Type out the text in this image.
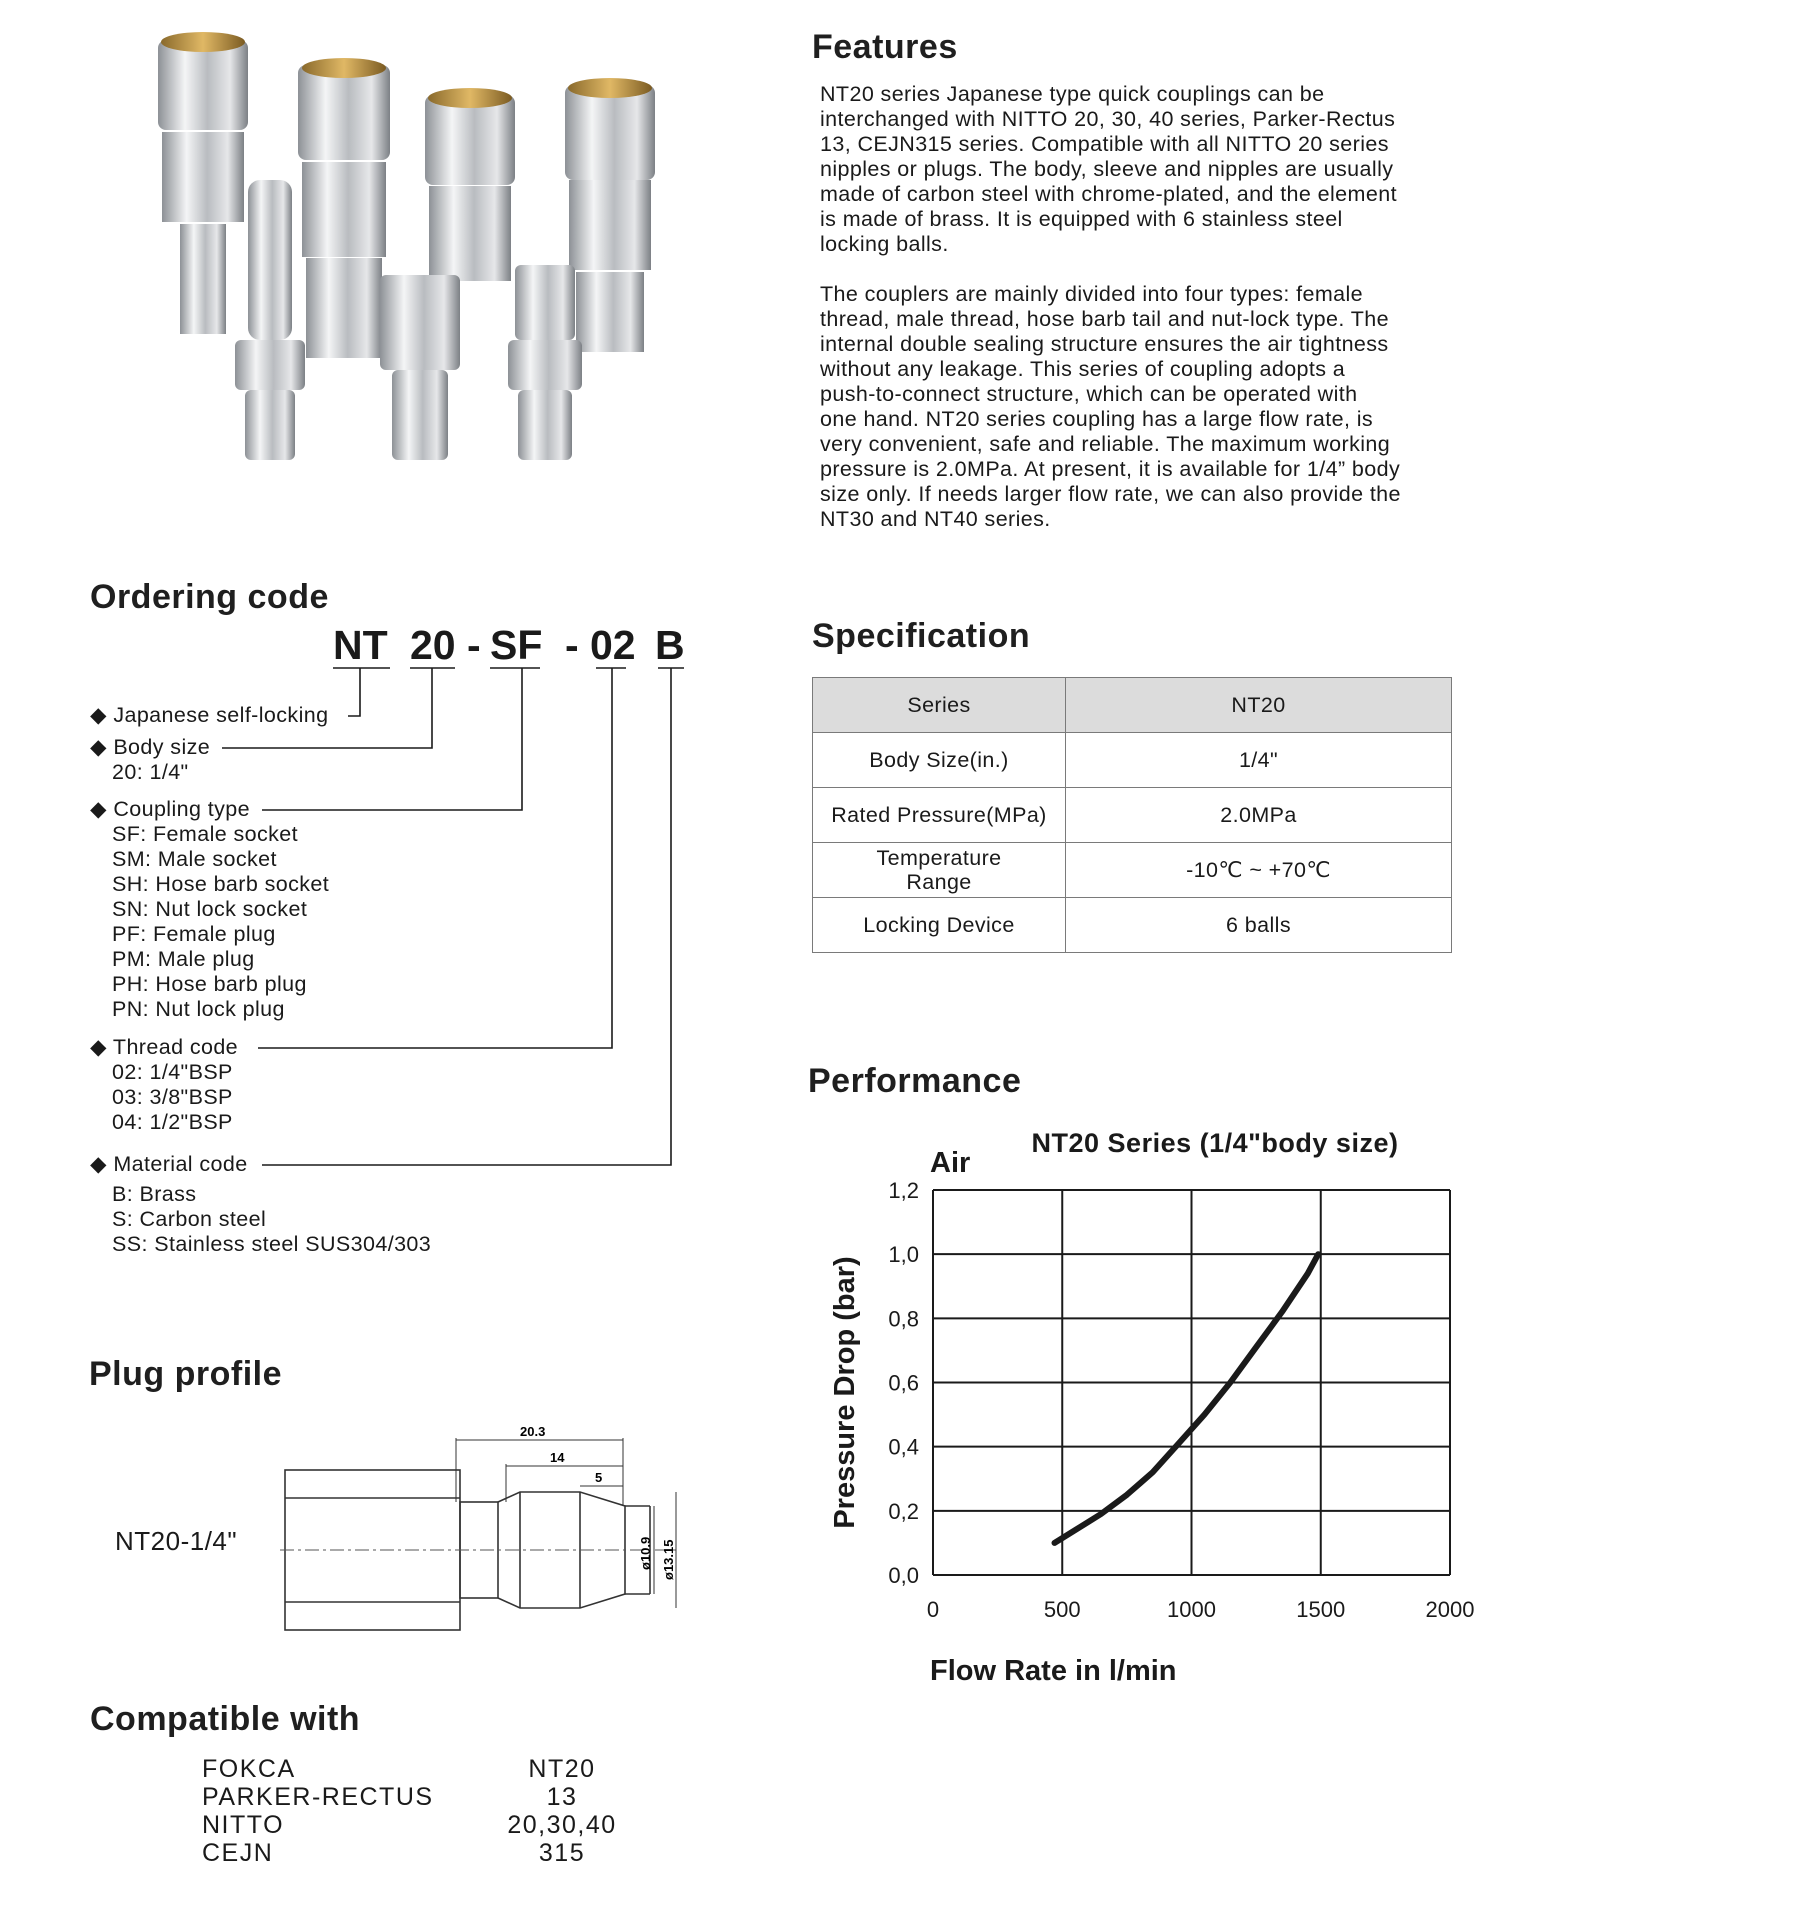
Features
NT20 series Japanese type quick couplings can be
interchanged with NITTO 20, 30, 40 series, Parker-Rectus
13, CEJN315 series. Compatible with all NITTO 20 series
nipples or plugs. The body, sleeve and nipples are usually
made of carbon steel with chrome-plated, and the element
is made of brass. It is equipped with 6 stainless steel
locking balls.
The couplers are mainly divided into four types: female
thread, male thread, hose barb tail and nut-lock type. The
internal double sealing structure ensures the air tightness
without any leakage. This series of coupling adopts a
push-to-connect structure, which can be operated with
one hand. NT20 series coupling has a large flow rate, is
very convenient, safe and reliable. The maximum working
pressure is 2.0MPa. At present, it is available for 1/4” body
size only. If needs larger flow rate, we can also provide the
NT30 and NT40 series.
Ordering code
NT 20 - SF - 02 B
◆ Japanese self-locking
◆ Body size
20: 1/4"
◆ Coupling type
SF: Female socket
SM: Male socket
SH: Hose barb socket
SN: Nut lock socket
PF: Female plug
PM: Male plug
PH: Hose barb plug
PN: Nut lock plug
◆ Thread code
02: 1/4"BSP
03: 3/8"BSP
04: 1/2"BSP
◆ Material code
B: Brass
S: Carbon steel
SS: Stainless steel SUS304/303
Specification
Series	NT20
Body Size(in.)	1/4"
Rated Pressure(MPa)	2.0MPa
Temperature
Range	-10℃ ~ +70℃
Locking Device	6 balls
Performance
0	500	1000	1500	2000
0,0
0,2
0,4
0,6
0,8
1,0
1,2
NT20 Series (1/4"body size)
Air
Flow Rate in l/min
Pressure Drop (bar)
Plug profile
NT20-1/4"
20.3
14
5
ø10.9 ø13.15
Compatible with
FOKCA	NT20
PARKER-RECTUS	13
NITTO	20,30,40
CEJN	315
